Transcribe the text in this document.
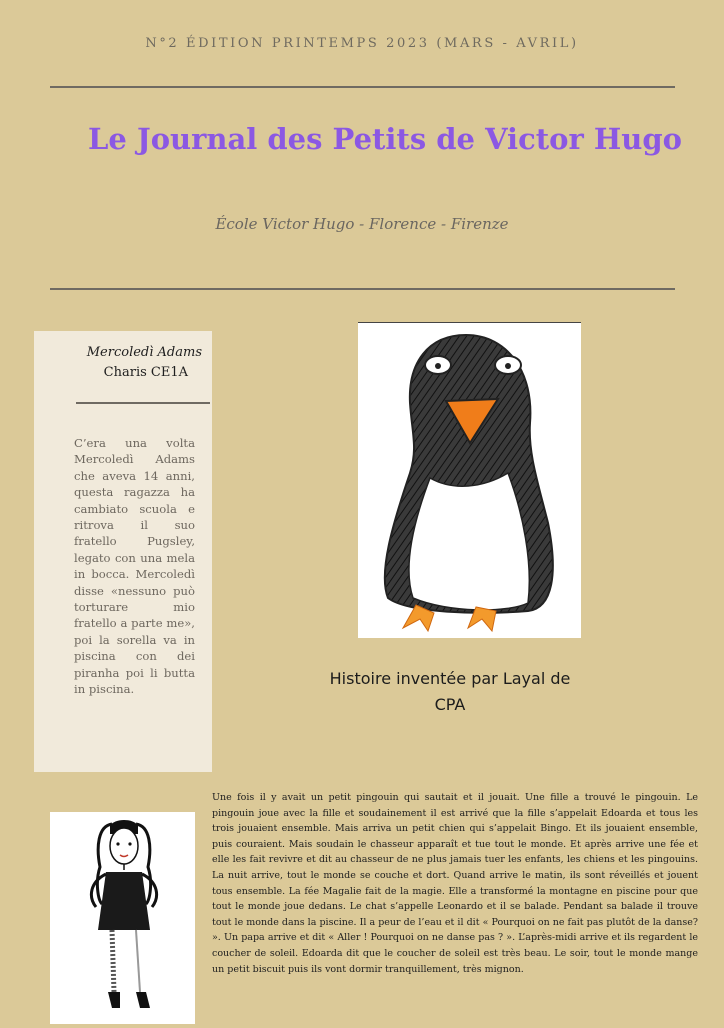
N°2 ÉDITION PRINTEMPS 2023 (MARS - AVRIL)
Le Journal des Petits de Victor Hugo
École Victor Hugo - Florence - Firenze
Mercoledì Adams
Charis CE1A
C’era una volta Mercoledì Adams che aveva 14 anni, questa ragazza ha cambiato scuola e ritrova il suo fratello Pugsley, legato con una mela in bocca. Mercoledì disse «nessuno può torturare mio fratello a parte me», poi la sorella va in piscina con dei piranha poi li butta in piscina.
Histoire inventée par Layal de
CPA
Une fois il y avait un petit pingouin qui sautait et il jouait. Une fille a trouvé le pingouin. Le pingouin joue avec la fille et soudainement il est arrivé que la fille s’appelait Edoarda et tous les trois jouaient ensemble. Mais arriva un petit chien qui s’appelait Bingo. Et ils jouaient ensemble, puis couraient. Mais soudain le chasseur apparaît et tue tout le monde. Et après arrive une fée et elle les fait revivre et dit au chasseur de ne plus jamais tuer les enfants, les chiens et les pingouins. La nuit arrive, tout le monde se couche et dort. Quand arrive le matin, ils sont réveillés et jouent tous ensemble. La fée Magalie fait de la magie. Elle a transformé la montagne en piscine pour que tout le monde joue dedans. Le chat s’appelle Leonardo et il se balade. Pendant sa balade il trouve tout le monde dans la piscine. Il a peur de l’eau et il dit « Pourquoi on ne fait pas plutôt de la danse? ». Un papa arrive et dit « Aller ! Pourquoi on ne danse pas ? ». L’après-midi arrive et ils regardent le coucher de soleil. Edoarda dit que le coucher de soleil est très beau. Le soir, tout le monde mange un petit biscuit puis ils vont dormir tranquillement, très mignon.
